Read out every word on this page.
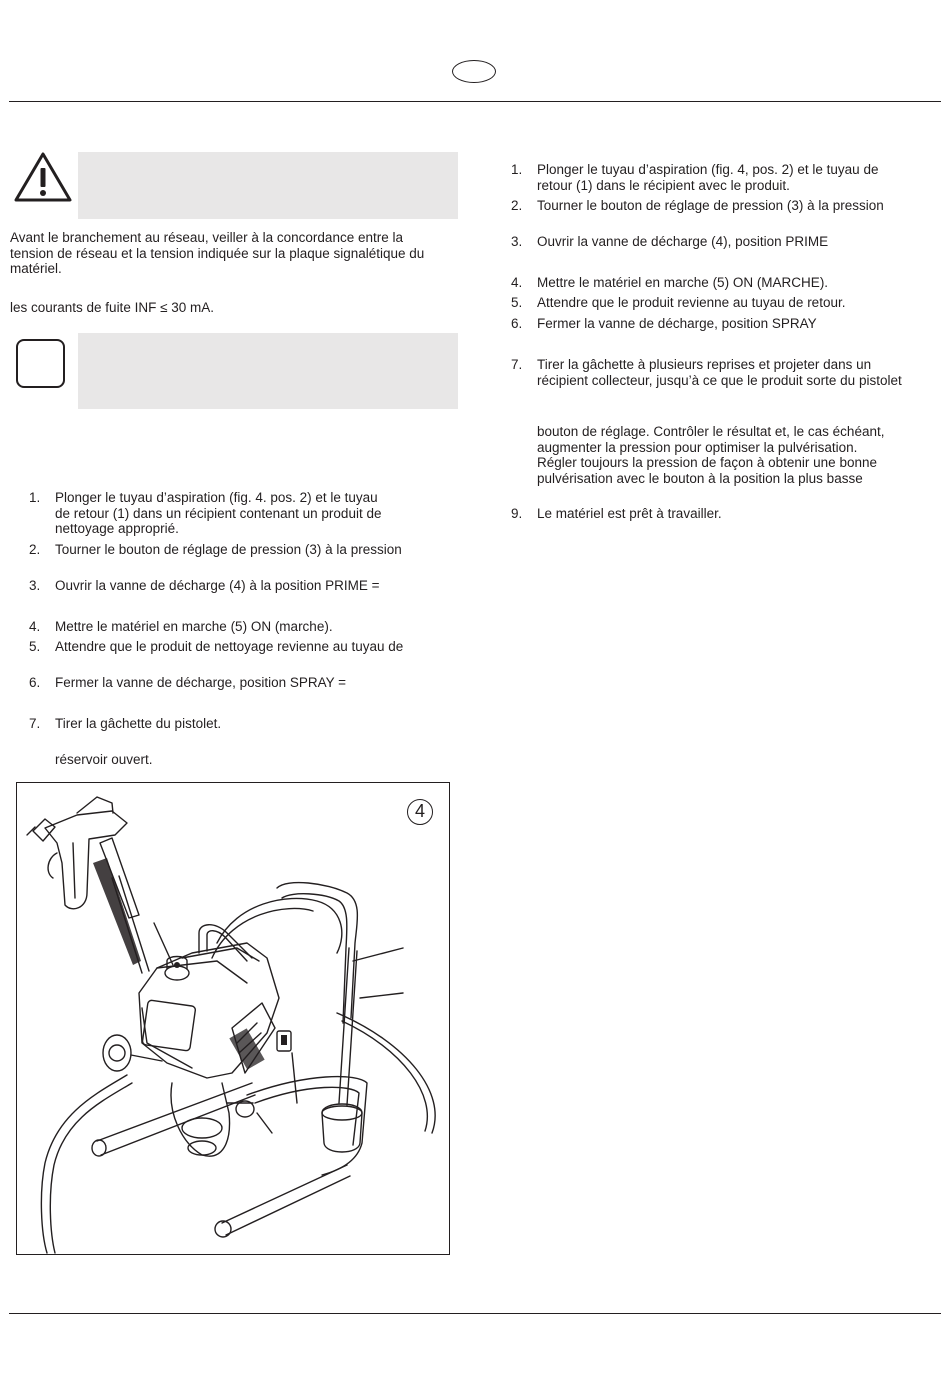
Avant le branchement au réseau, veiller à la concordance entre la
tension de réseau et la tension indiquée sur la plaque signalétique du
matériel.
les courants de fuite INF ≤ 30 mA.
1. Plonger le tuyau d’aspiration (fig. 4. pos. 2) et le tuyau
de retour (1) dans un récipient contenant un produit de
nettoyage approprié.
2. Tourner le bouton de réglage de pression (3) à la pression
3. Ouvrir la vanne de décharge (4) à la position PRIME =
4. Mettre le matériel en marche (5) ON (marche).
5. Attendre que le produit de nettoyage revienne au tuyau de
6. Fermer la vanne de décharge, position SPRAY =
7. Tirer la gâchette du pistolet.
réservoir ouvert.
1. Plonger le tuyau d’aspiration (fig. 4, pos. 2) et le tuyau de
retour (1) dans le récipient avec le produit.
2. Tourner le bouton de réglage de pression (3) à la pression
3. Ouvrir la vanne de décharge (4), position PRIME
4. Mettre le matériel en marche (5) ON (MARCHE).
5. Attendre que le produit revienne au tuyau de retour.
6. Fermer la vanne de décharge, position SPRAY
7. Tirer la gâchette à plusieurs reprises et projeter dans un
récipient collecteur, jusqu’à ce que le produit sorte du pistolet
bouton de réglage. Contrôler le résultat et, le cas échéant,
augmenter la pression pour optimiser la pulvérisation.
Régler toujours la pression de façon à obtenir une bonne
pulvérisation avec le bouton à la position la plus basse
9. Le matériel est prêt à travailler.
4
